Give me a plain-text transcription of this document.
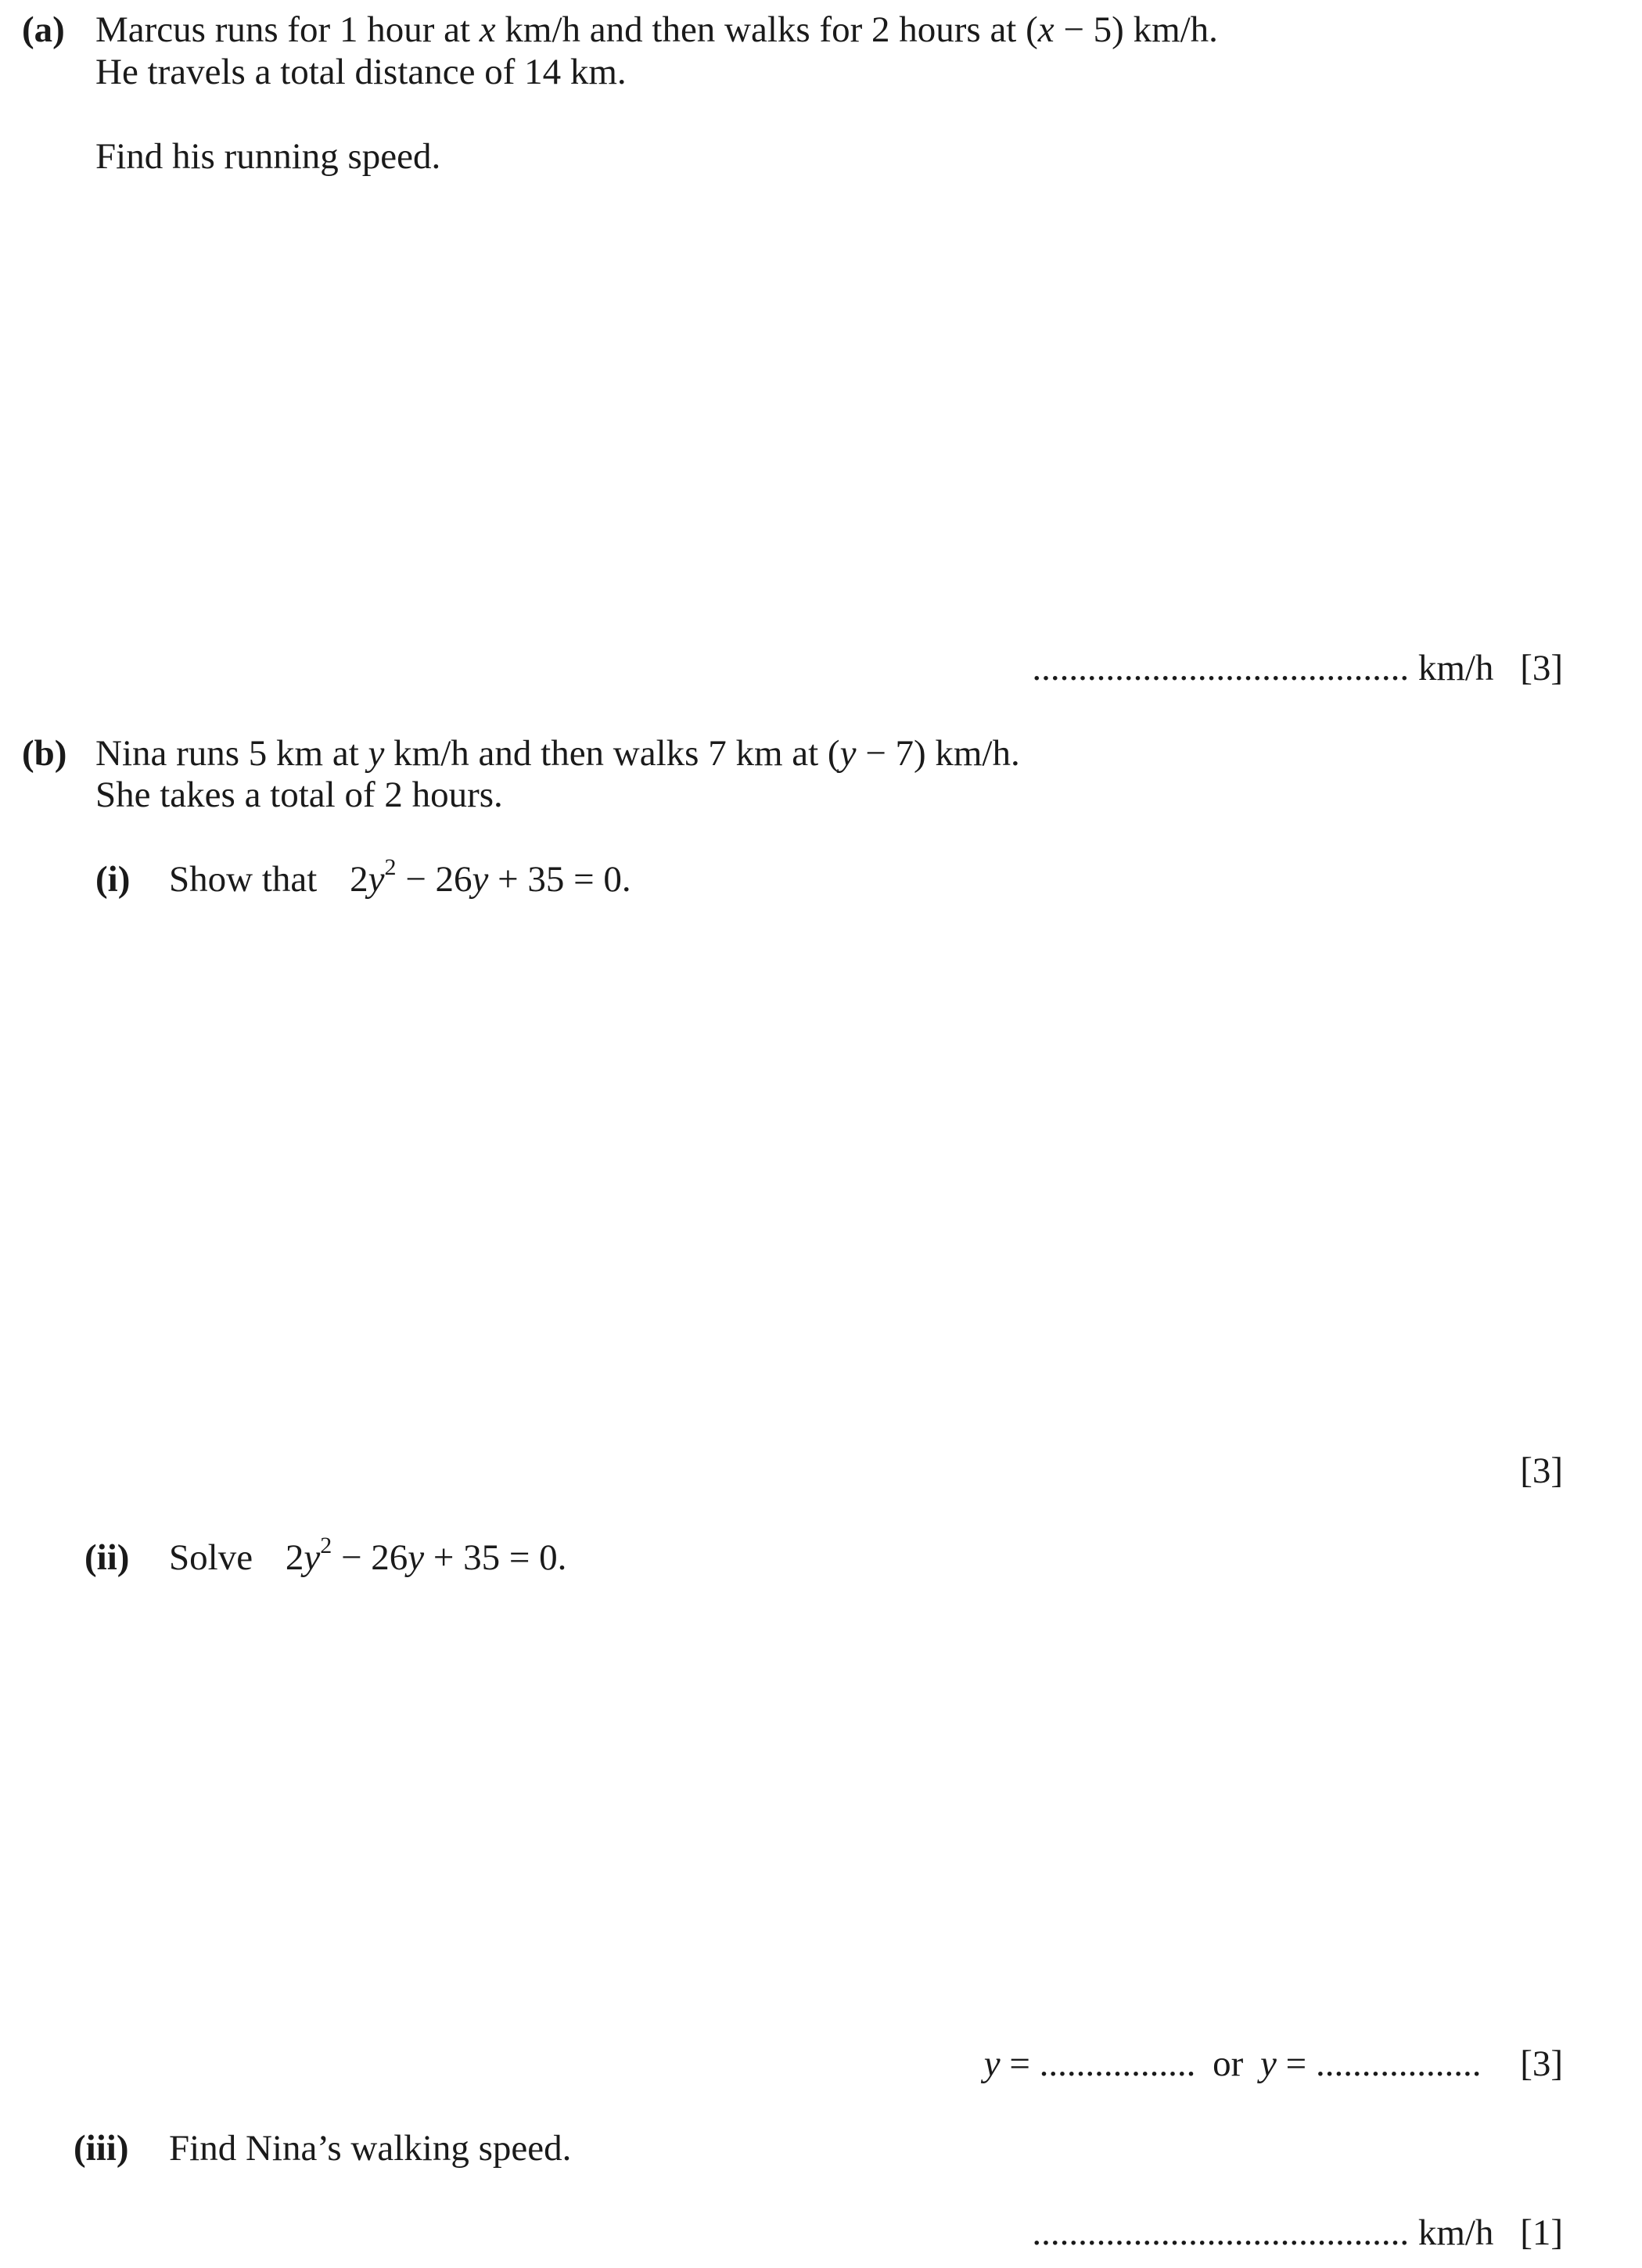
(a) Marcus runs for 1 hour at x km/h and then walks for 2 hours at (x − 5) km/h.
He travels a total distance of 14 km.
Find his running speed.
......................................... km/h [3]
(b) Nina runs 5 km at y km/h and then walks 7 km at (y − 7) km/h.
She takes a total of 2 hours.
(i) Show that $2y^2 - 26y + 35 = 0$.
[3]
(ii) Solve $2y^2 - 26y + 35 = 0$.
y = ................. or y = .................. [3]
(iii) Find Nina’s walking speed.
......................................... km/h [1]
